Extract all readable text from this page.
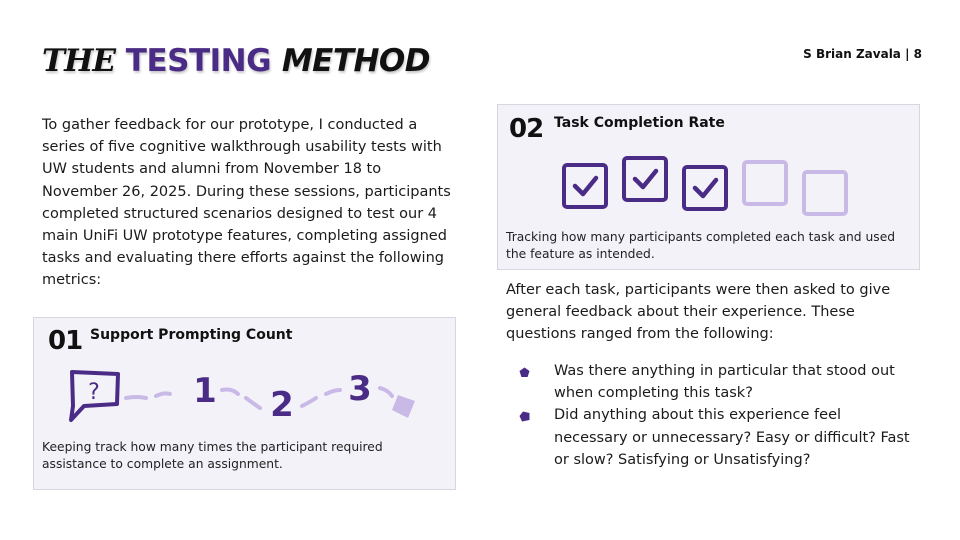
THE TESTING METHOD	S Brian Zavala | 8

To gather feedback for our prototype, I conducted a series of five cognitive walkthrough usability tests with UW students and alumni from November 18 to November 26, 2025. During these sessions, participants completed structured scenarios designed to test our 4 main UniFi UW prototype features, completing assigned tasks and evaluating there efforts against the following metrics:

01 Support Prompting Count
?	1 2 3

Keeping track how many times the participant required assistance to complete an assignment.

02 Task Completion Rate

Tracking how many participants completed each task and used the feature as intended.

After each task, participants were then asked to give general feedback about their experience. These questions ranged from the following:

Was there anything in particular that stood out when completing this task?
Did anything about this experience feel necessary or unnecessary? Easy or difficult? Fast or slow? Satisfying or Unsatisfying?
